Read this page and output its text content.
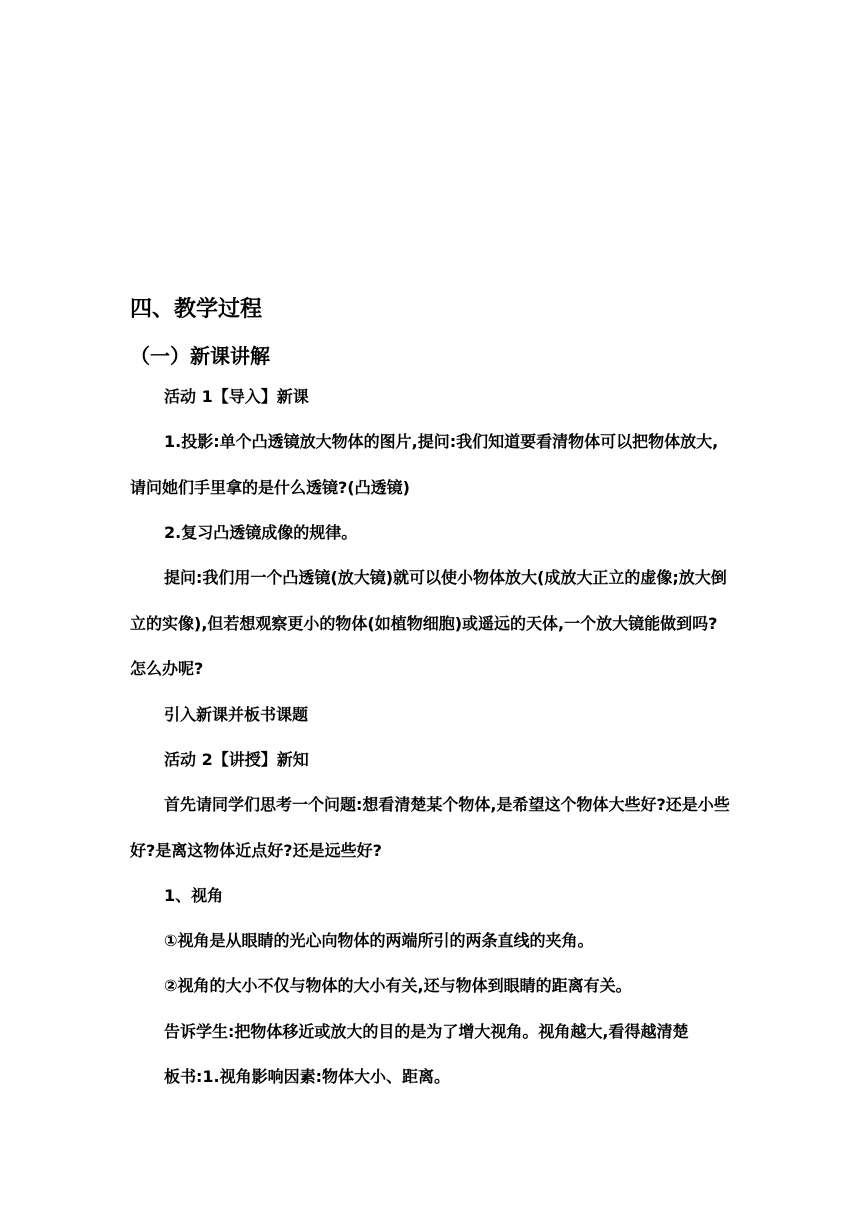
四、教学过程
（一）新课讲解
活动 1【导入】新课

1.投影:单个凸透镜放大物体的图片,提问:我们知道要看清物体可以把物体放大,请问她们手里拿的是什么透镜?(凸透镜)

2.复习凸透镜成像的规律。

提问:我们用一个凸透镜(放大镜)就可以使小物体放大(成放大正立的虚像;放大倒立的实像),但若想观察更小的物体(如植物细胞)或遥远的天体,一个放大镜能做到吗?怎么办呢?

引入新课并板书课题
活动 2【讲授】新知

首先请同学们思考一个问题:想看清楚某个物体,是希望这个物体大些好?还是小些好?是离这物体近点好?还是远些好?

1、视角
①视角是从眼睛的光心向物体的两端所引的两条直线的夹角。
②视角的大小不仅与物体的大小有关,还与物体到眼睛的距离有关。
告诉学生:把物体移近或放大的目的是为了增大视角。视角越大,看得越清楚
板书:1.视角影响因素:物体大小、距离。
